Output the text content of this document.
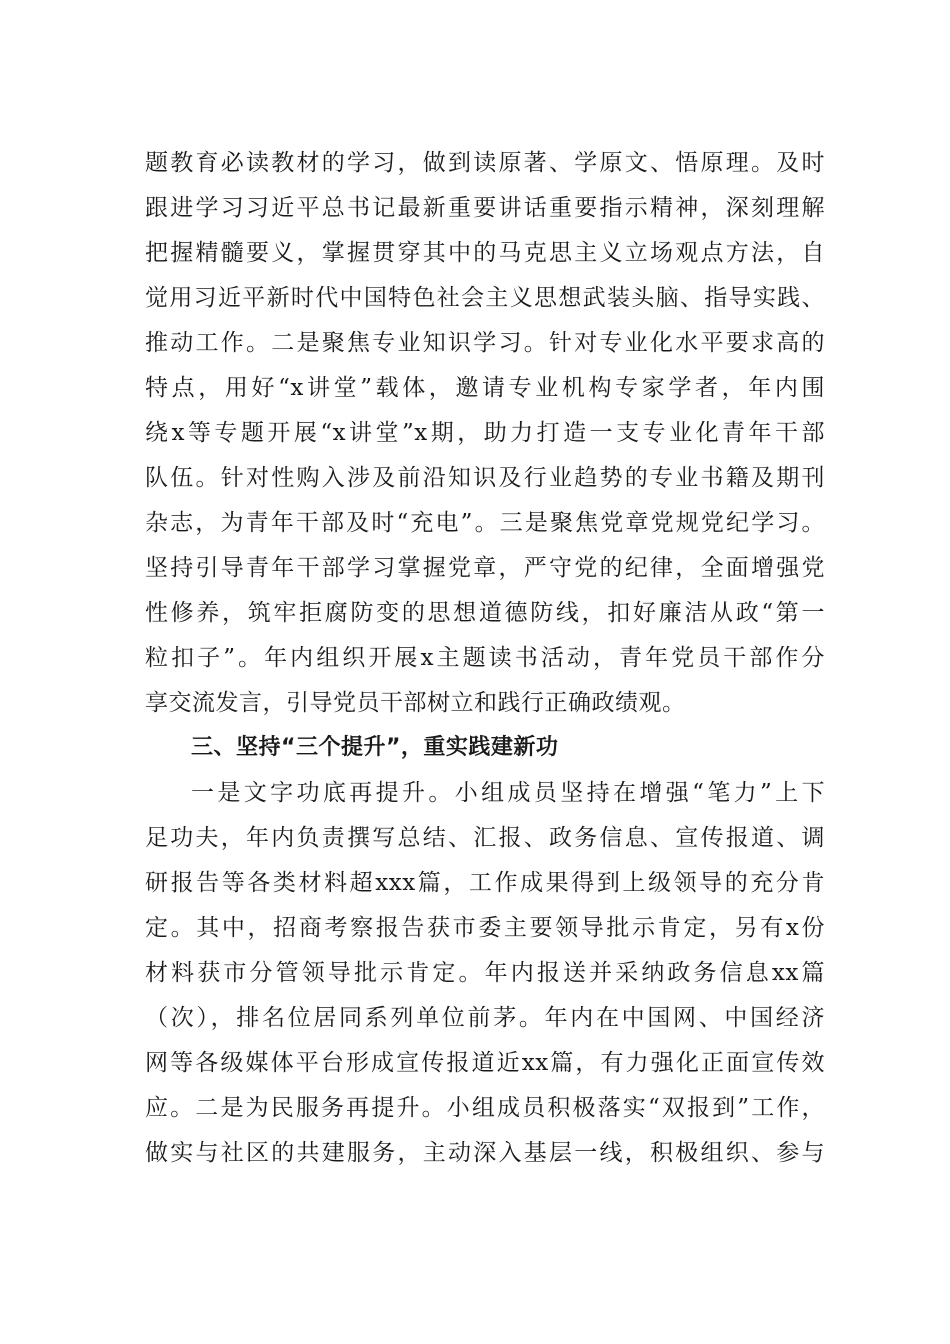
题教育必读教材的学习，做到读原著、学原文、悟原理。及时
跟进学习习近平总书记最新重要讲话重要指示精神，深刻理解
把握精髓要义，掌握贯穿其中的马克思主义立场观点方法，自
觉用习近平新时代中国特色社会主义思想武装头脑、指导实践、
推动工作。二是聚焦专业知识学习。针对专业化水平要求高的
特点，用好“x讲堂”载体，邀请专业机构专家学者，年内围
绕x等专题开展“x讲堂”x期，助力打造一支专业化青年干部
队伍。针对性购入涉及前沿知识及行业趋势的专业书籍及期刊
杂志，为青年干部及时“充电”。三是聚焦党章党规党纪学习。
坚持引导青年干部学习掌握党章，严守党的纪律，全面增强党
性修养，筑牢拒腐防变的思想道德防线，扣好廉洁从政“第一
粒扣子”。年内组织开展x主题读书活动，青年党员干部作分
享交流发言，引导党员干部树立和践行正确政绩观。
三、坚持“三个提升”，重实践建新功
一是文字功底再提升。小组成员坚持在增强“笔力”上下
足功夫，年内负责撰写总结、汇报、政务信息、宣传报道、调
研报告等各类材料超xxx篇，工作成果得到上级领导的充分肯
定。其中，招商考察报告获市委主要领导批示肯定，另有x份
材料获市分管领导批示肯定。年内报送并采纳政务信息xx篇
（次），排名位居同系列单位前茅。年内在中国网、中国经济
网等各级媒体平台形成宣传报道近xx篇，有力强化正面宣传效
应。二是为民服务再提升。小组成员积极落实“双报到”工作，
做实与社区的共建服务，主动深入基层一线，积极组织、参与
